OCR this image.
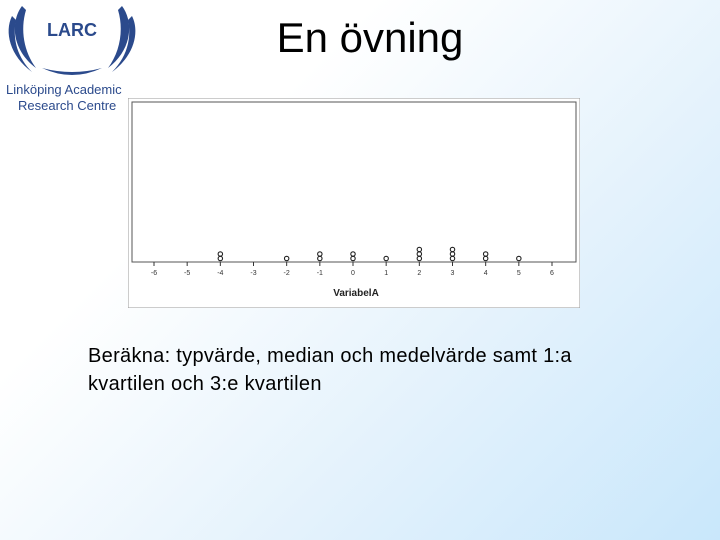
LARC
Linköping Academic
Research Centre
En övning
-6	-5	-4	-3	-2	-1	0	1	2	3	4	5	6
VariabelA
Beräkna: typvärde, median och medelvärde samt 1:a
kvartilen och 3:e kvartilen
